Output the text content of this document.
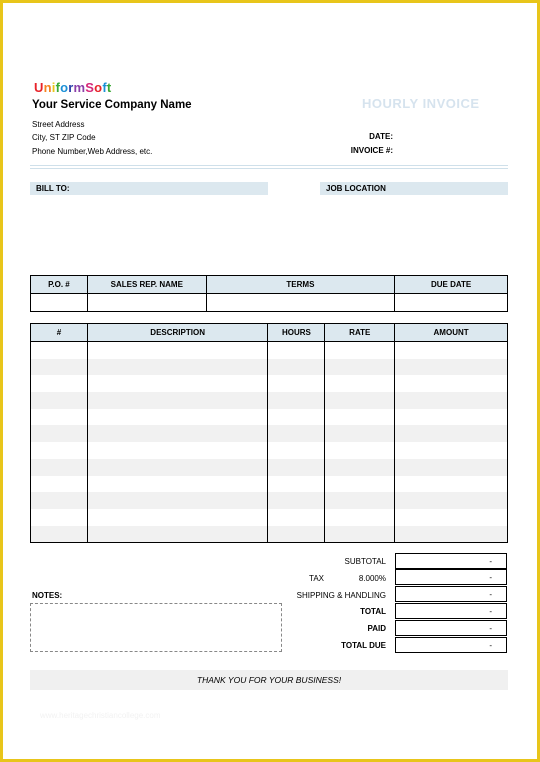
UniformSoft
Your Service Company Name
Street Address
City, ST ZIP Code
Phone Number,Web Address, etc.
HOURLY INVOICE
DATE:
INVOICE #:
BILL TO:	JOB LOCATION
P.O. #	SALES REP. NAME	TERMS	DUE DATE

#	DESCRIPTION	HOURS	RATE	AMOUNT

SUBTOTAL	-
TAX	8.000%	-
SHIPPING & HANDLING	-
TOTAL	-
PAID	-
TOTAL DUE	-
NOTES:
THANK YOU FOR YOUR BUSINESS!
www.heritagechristiancollege.com
